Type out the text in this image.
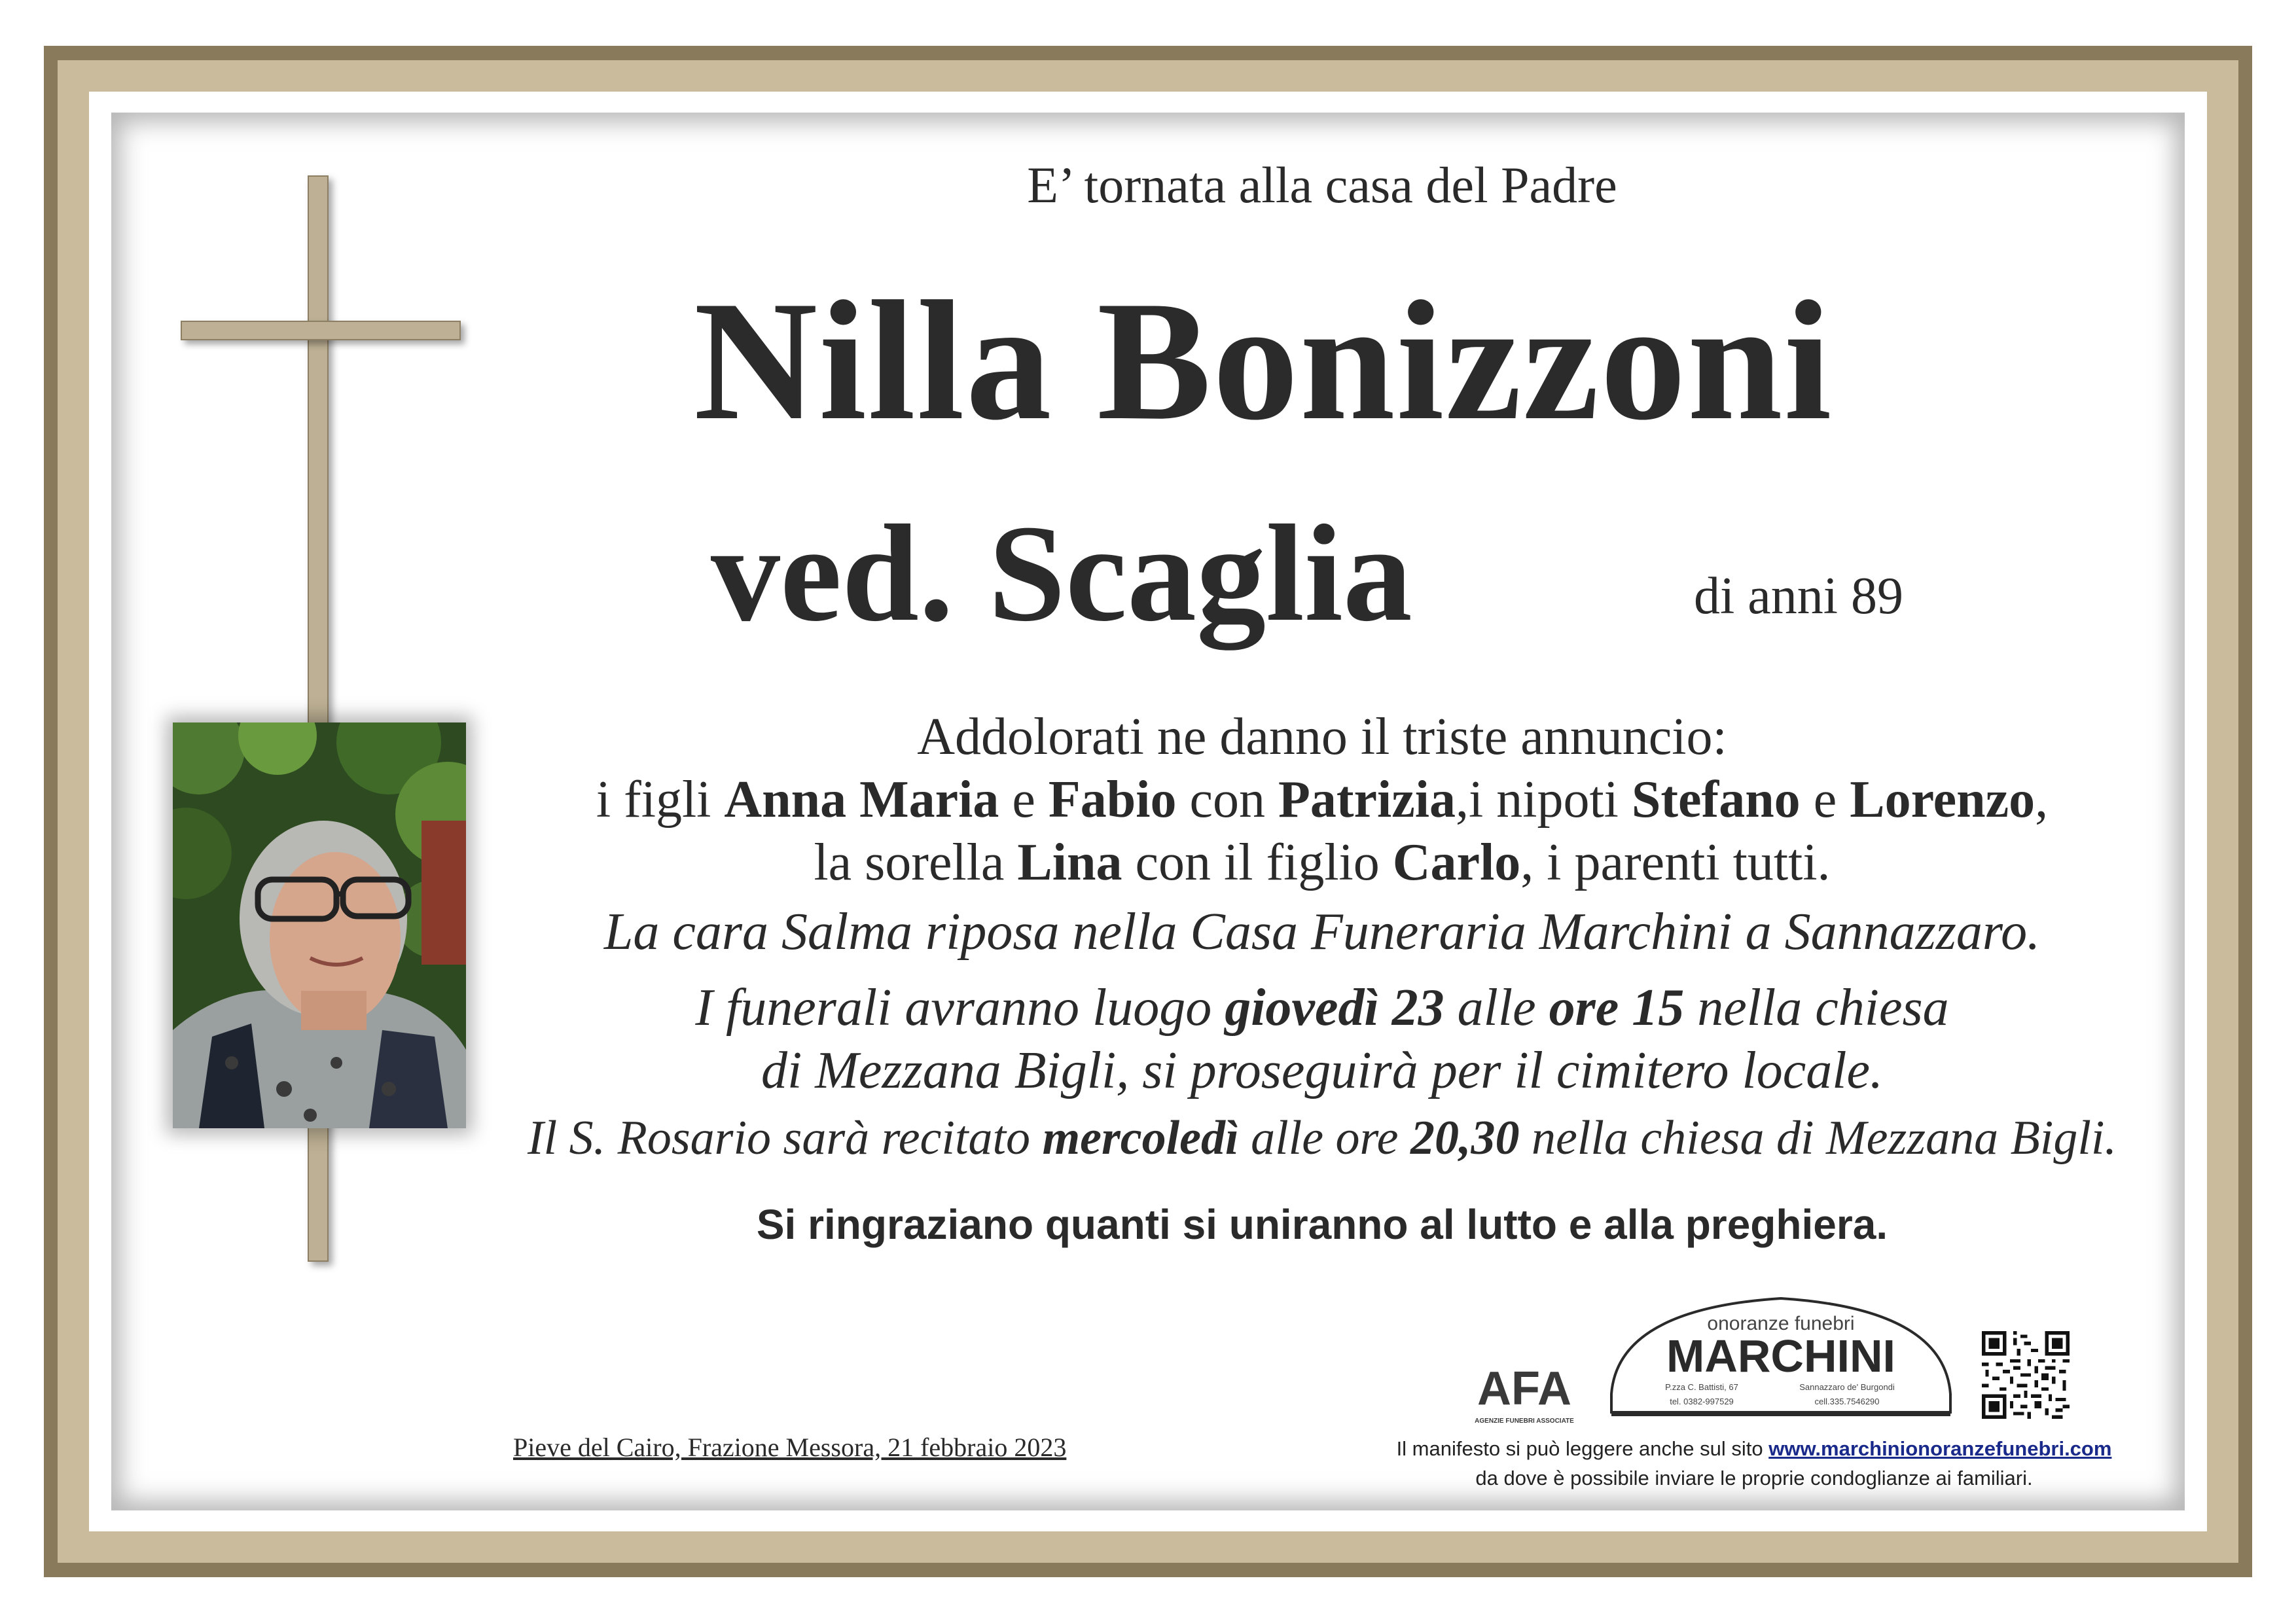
E’ tornata alla casa del Padre
Nilla Bonizzoni
ved. Scaglia	di anni 89
Addolorati ne danno il triste annuncio:
i figli Anna Maria e Fabio con Patrizia,i nipoti Stefano e Lorenzo,
la sorella Lina con il figlio Carlo, i parenti tutti.
La cara Salma riposa nella Casa Funeraria Marchini a Sannazzaro.
I funerali avranno luogo giovedì 23 alle ore 15 nella chiesa
di Mezzana Bigli, si proseguirà per il cimitero locale.
Il S. Rosario sarà recitato mercoledì alle ore 20,30 nella chiesa di Mezzana Bigli.
Si ringraziano quanti si uniranno al lutto e alla preghiera.
Pieve del Cairo, Frazione Messora, 21 febbraio 2023
AFA
AGENZIE FUNEBRI ASSOCIATE
onoranze funebri
MARCHINI
P.zza C. Battisti, 67	Sannazzaro de' Burgondi
tel. 0382-997529	cell.335.7546290
Il manifesto si può leggere anche sul sito www.marchinionoranzefunebri.com
da dove è possibile inviare le proprie condoglianze ai familiari.
